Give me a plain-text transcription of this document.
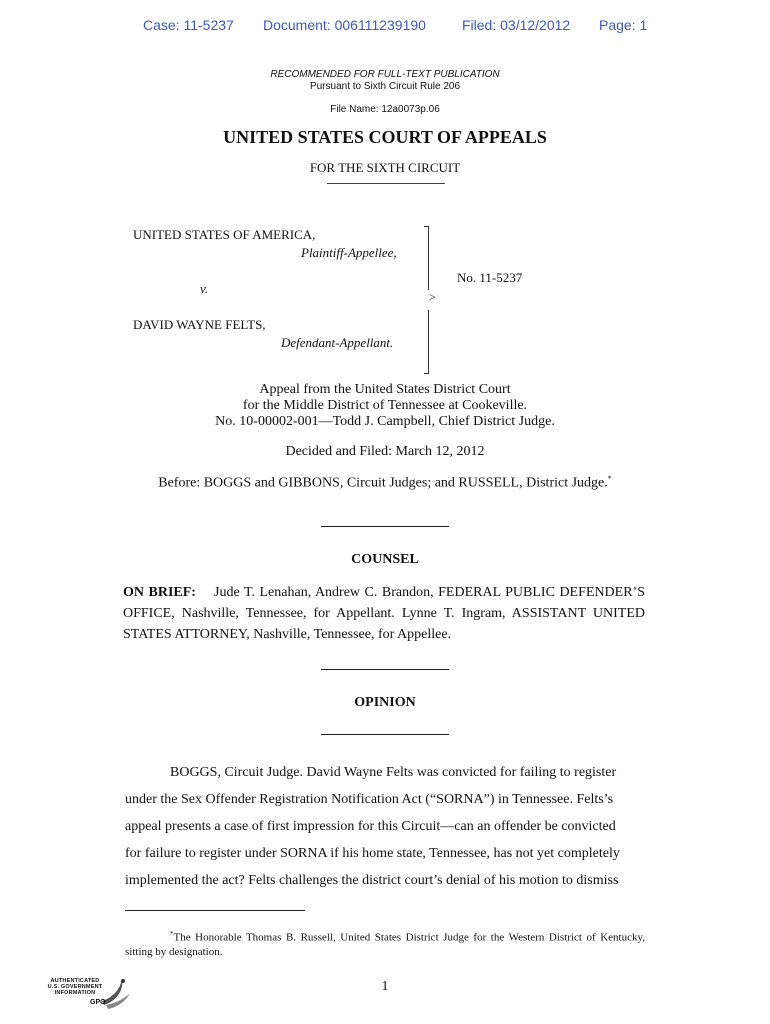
Case: 11-5237 Document: 006111239190	Filed: 03/12/2012 Page: 1
RECOMMENDED FOR FULL-TEXT PUBLICATION
Pursuant to Sixth Circuit Rule 206
File Name: 12a0073p.06
UNITED STATES COURT OF APPEALS
FOR THE SIXTH CIRCUIT
UNITED STATES OF AMERICA,
Plaintiff-Appellee,
v.
DAVID WAYNE FELTS,
Defendant-Appellant.
>
No. 11-5237
Appeal from the United States District Court
for the Middle District of Tennessee at Cookeville.
No. 10-00002-001—Todd J. Campbell, Chief District Judge.
Decided and Filed: March 12, 2012
Before: BOGGS and GIBBONS, Circuit Judges; and RUSSELL, District Judge.*
COUNSEL
ON BRIEF: Jude T. Lenahan, Andrew C. Brandon, FEDERAL PUBLIC DEFENDER’S OFFICE, Nashville, Tennessee, for Appellant. Lynne T. Ingram, ASSISTANT UNITED STATES ATTORNEY, Nashville, Tennessee, for Appellee.
OPINION
BOGGS, Circuit Judge. David Wayne Felts was convicted for failing to register
under the Sex Offender Registration Notification Act (“SORNA”) in Tennessee. Felts’s
appeal presents a case of first impression for this Circuit—can an offender be convicted
for failure to register under SORNA if his home state, Tennessee, has not yet completely
implemented the act? Felts challenges the district court’s denial of his motion to dismiss
*The Honorable Thomas B. Russell, United States District Judge for the Western District of Kentucky, sitting by designation.
1
AUTHENTICATED
U.S. GOVERNMENT
INFORMATION
GPO
